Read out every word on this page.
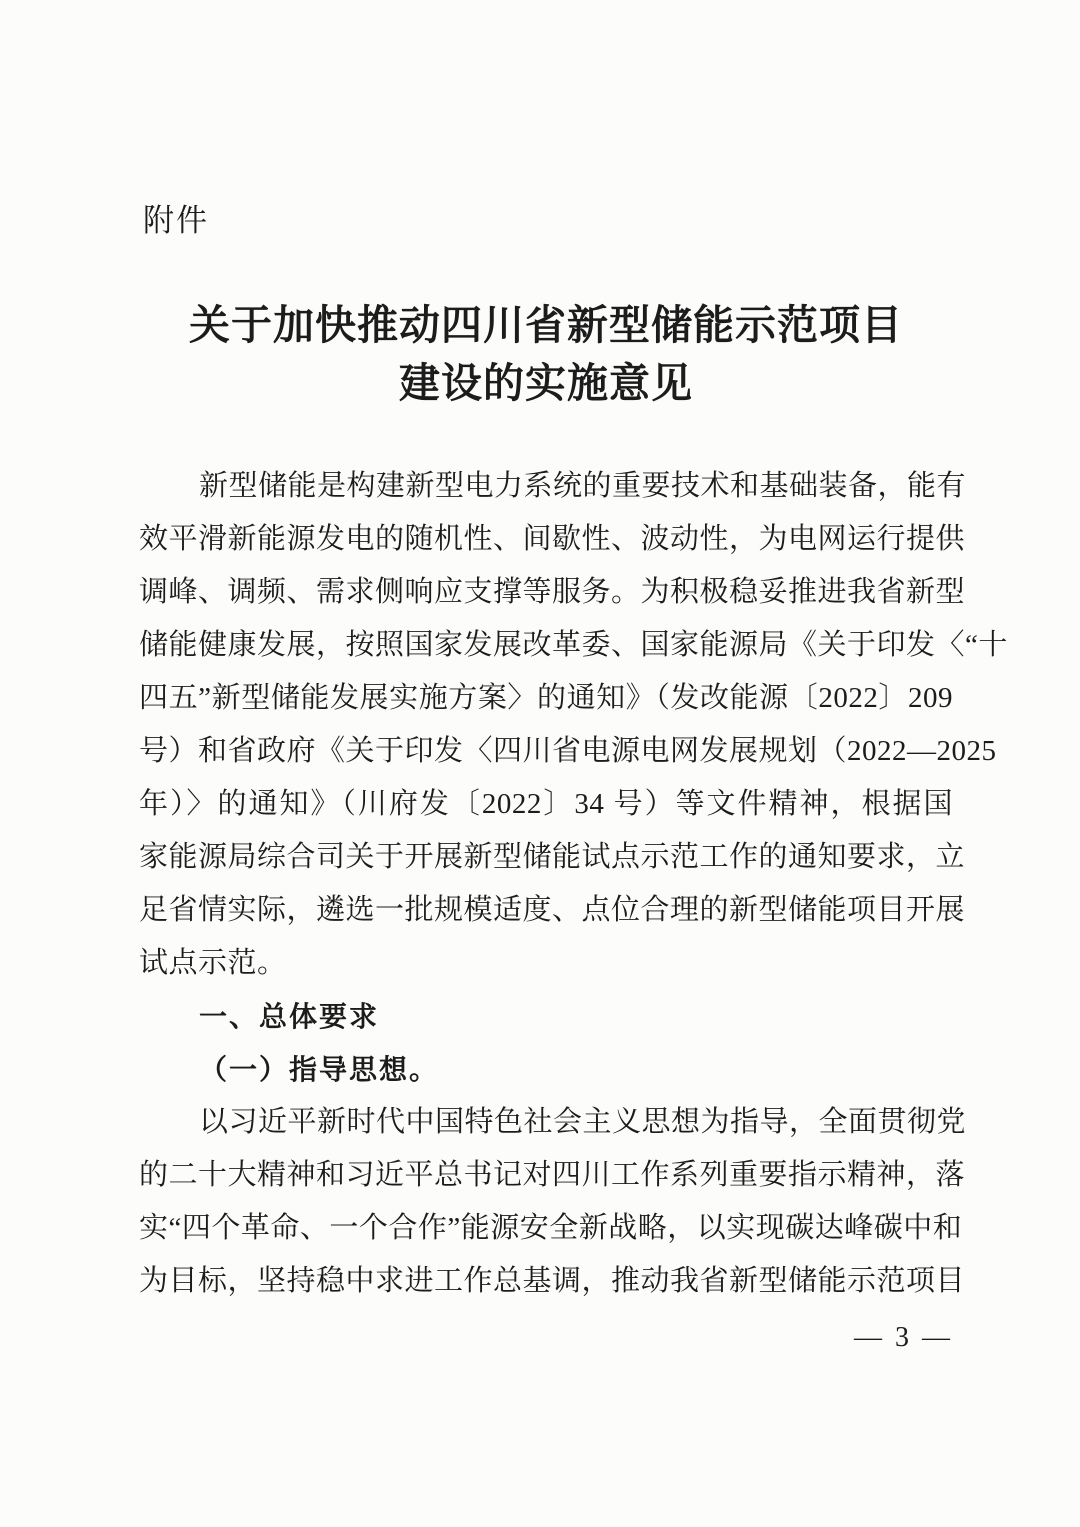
附件
关于加快推动四川省新型储能示范项目
建设的实施意见
新型储能是构建新型电力系统的重要技术和基础装备，能有
效平滑新能源发电的随机性、间歇性、波动性，为电网运行提供
调峰、调频、需求侧响应支撑等服务。为积极稳妥推进我省新型
储能健康发展，按照国家发展改革委、国家能源局《关于印发〈“十
四五”新型储能发展实施方案〉的通知》（发改能源〔2022〕209
号）和省政府《关于印发〈四川省电源电网发展规划（2022—2025
年）〉的通知》（川府发〔2022〕34 号）等文件精神，根据国
家能源局综合司关于开展新型储能试点示范工作的通知要求，立
足省情实际，遴选一批规模适度、点位合理的新型储能项目开展
试点示范。
一、总体要求
（一）指导思想。
以习近平新时代中国特色社会主义思想为指导，全面贯彻党
的二十大精神和习近平总书记对四川工作系列重要指示精神，落
实“四个革命、一个合作”能源安全新战略，以实现碳达峰碳中和
为目标，坚持稳中求进工作总基调，推动我省新型储能示范项目
— 3 —
